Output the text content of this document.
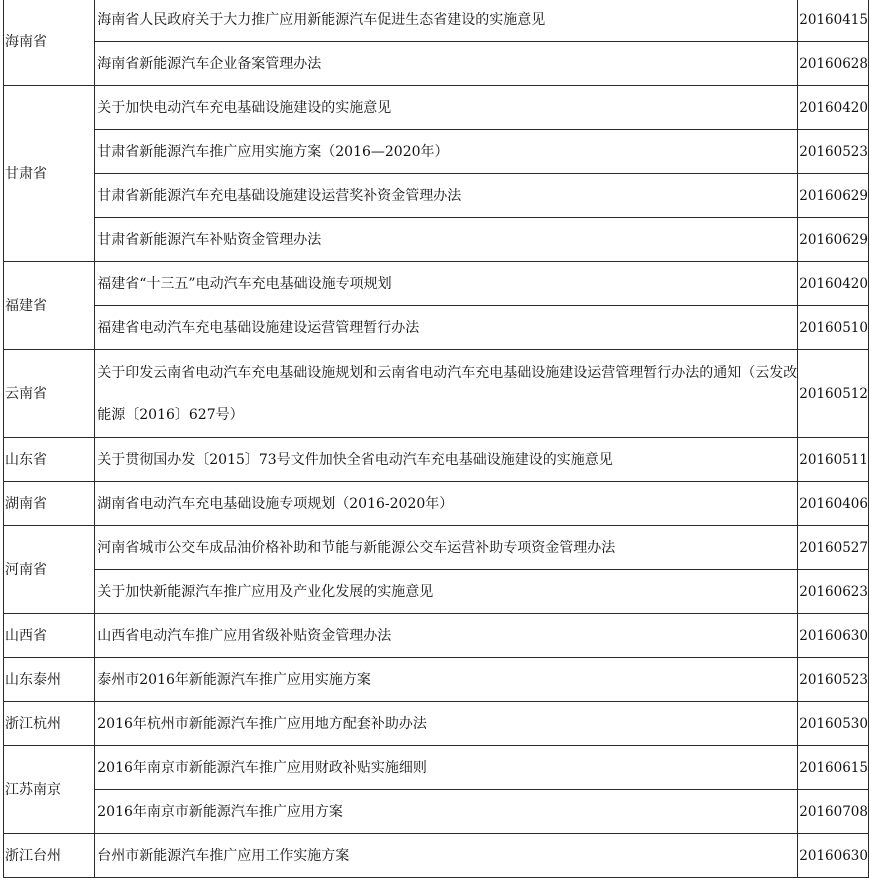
海南省	海南省人民政府关于大力推广应用新能源汽车促进生态省建设的实施意见	20160415
	海南省新能源汽车企业备案管理办法	20160628
甘肃省	关于加快电动汽车充电基础设施建设的实施意见	20160420
	甘肃省新能源汽车推广应用实施方案（2016—2020年）	20160523
	甘肃省新能源汽车充电基础设施建设运营奖补资金管理办法	20160629
	甘肃省新能源汽车补贴资金管理办法	20160629
福建省	福建省“十三五”电动汽车充电基础设施专项规划	20160420
	福建省电动汽车充电基础设施建设运营管理暂行办法	20160510
云南省	关于印发云南省电动汽车充电基础设施规划和云南省电动汽车充电基础设施建设运营管理暂行办法的通知（云发改能源〔2016〕627号）	20160512
山东省	关于贯彻国办发〔2015〕73号文件加快全省电动汽车充电基础设施建设的实施意见	20160511
湖南省	湖南省电动汽车充电基础设施专项规划（2016-2020年）	20160406
河南省	河南省城市公交车成品油价格补助和节能与新能源公交车运营补助专项资金管理办法	20160527
	关于加快新能源汽车推广应用及产业化发展的实施意见	20160623
山西省	山西省电动汽车推广应用省级补贴资金管理办法	20160630
山东泰州	泰州市2016年新能源汽车推广应用实施方案	20160523
浙江杭州	2016年杭州市新能源汽车推广应用地方配套补助办法	20160530
江苏南京	2016年南京市新能源汽车推广应用财政补贴实施细则	20160615
	2016年南京市新能源汽车推广应用方案	20160708
浙江台州	台州市新能源汽车推广应用工作实施方案	20160630
